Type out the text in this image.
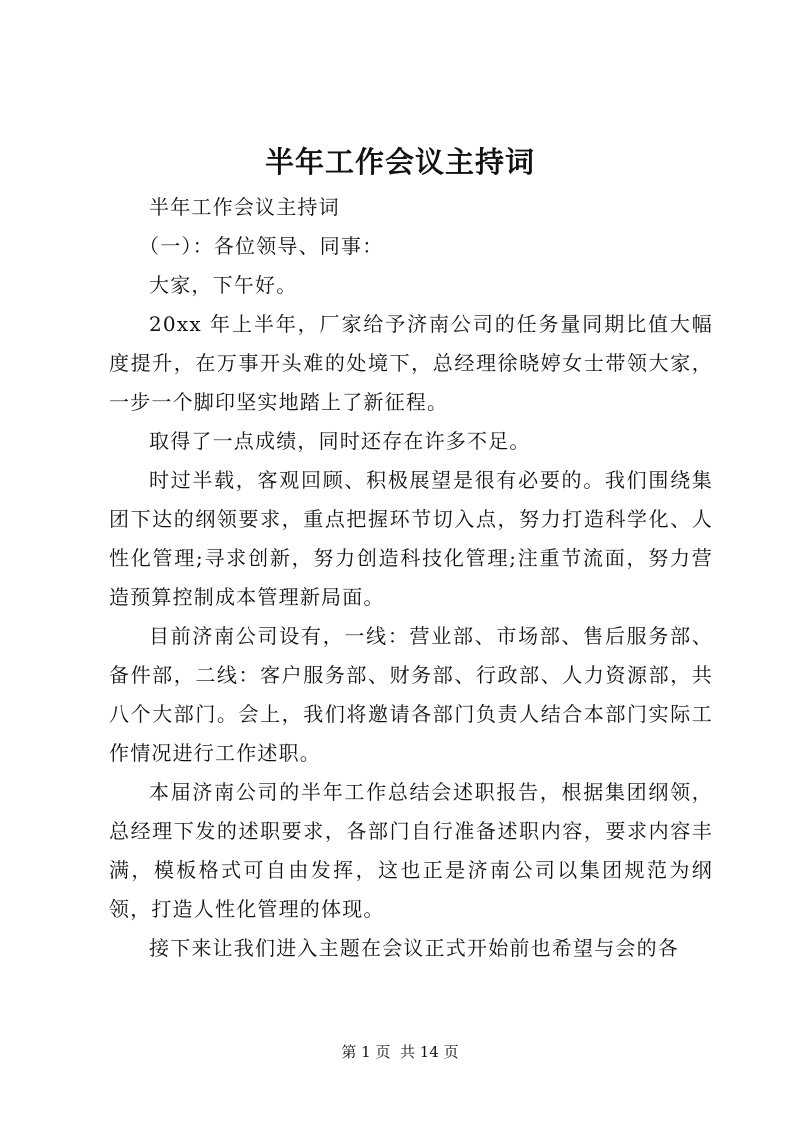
半年工作会议主持词

半年工作会议主持词

（一）：各位领导、同事：

大家，下午好。

20xx 年上半年，厂家给予济南公司的任务量同期比值大幅度提升，在万事开头难的处境下，总经理徐晓婷女士带领大家，一步一个脚印坚实地踏上了新征程。

取得了一点成绩，同时还存在许多不足。

时过半载，客观回顾、积极展望是很有必要的。我们围绕集团下达的纲领要求，重点把握环节切入点，努力打造科学化、人性化管理;寻求创新，努力创造科技化管理;注重节流面，努力营造预算控制成本管理新局面。

目前济南公司设有，一线：营业部、市场部、售后服务部、备件部，二线：客户服务部、财务部、行政部、人力资源部，共八个大部门。会上，我们将邀请各部门负责人结合本部门实际工作情况进行工作述职。

本届济南公司的半年工作总结会述职报告，根据集团纲领，总经理下发的述职要求，各部门自行准备述职内容，要求内容丰满，模板格式可自由发挥，这也正是济南公司以集团规范为纲领，打造人性化管理的体现。

接下来让我们进入主题在会议正式开始前也希望与会的各

第 1 页  共 14 页
